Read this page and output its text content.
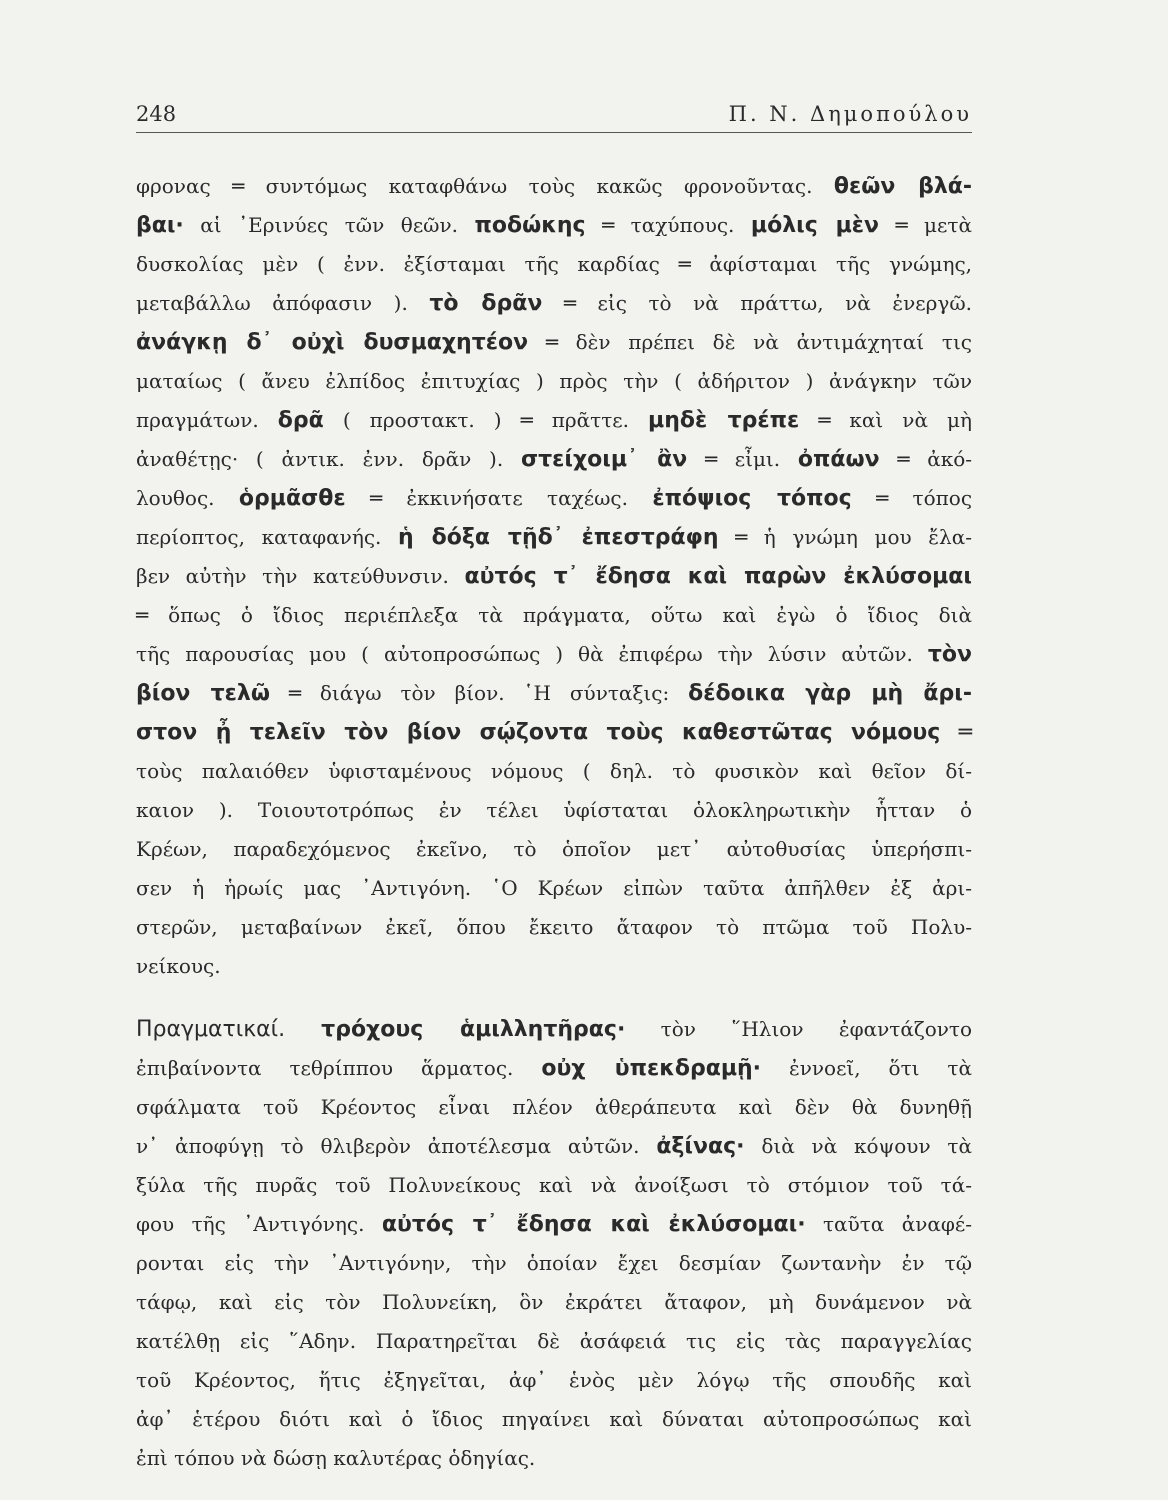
248	Π. Ν. Δημοπούλου
φρονας ═ συντόμως καταφθάνω τοὺς κακῶς φρονοῦντας. θεῶν βλά-
βαι· αἱ ᾿Ερινύες τῶν θεῶν. ποδώκης ═ ταχύπους. μόλις μὲν ═ μετὰ
δυσκολίας μὲν ( ἐνν. ἐξίσταμαι τῆς καρδίας ═ ἀφίσταμαι τῆς γνώμης,
μεταβάλλω ἀπόφασιν ). τὸ δρᾶν ═ εἰς τὸ νὰ πράττω, νὰ ἐνεργῶ.
ἀνάγκῃ δ᾿ οὐχὶ δυσμαχητέον ═ δὲν πρέπει δὲ νὰ ἀντιμάχηταί τις
ματαίως ( ἄνευ ἐλπίδος ἐπιτυχίας ) πρὸς τὴν ( ἀδήριτον ) ἀνάγκην τῶν
πραγμάτων. δρᾶ ( προστακτ. ) ═ πρᾶττε. μηδὲ τρέπε ═ καὶ νὰ μὴ
ἀναθέτῃς· ( ἀντικ. ἐνν. δρᾶν ). στείχοιμ᾿ ἂν ═ εἶμι. ὀπάων ═ ἀκό-
λουθος. ὁρμᾶσθε ═ ἐκκινήσατε ταχέως. ἐπόψιος τόπος ═ τόπος
περίοπτος, καταφανής. ἡ δόξα τῇδ᾿ ἐπεστράφη ═ ἡ γνώμη μου ἔλα-
βεν αὐτὴν τὴν κατεύθυνσιν. αὐτός τ᾿ ἔδησα καὶ παρὼν ἐκλύσομαι
═ ὅπως ὁ ἴδιος περιέπλεξα τὰ πράγματα, οὕτω καὶ ἐγὼ ὁ ἴδιος διὰ
τῆς παρουσίας μου ( αὐτοπροσώπως ) θὰ ἐπιφέρω τὴν λύσιν αὐτῶν. τὸν
βίον τελῶ ═ διάγω τὸν βίον. ῾Η σύνταξις: δέδοικα γὰρ μὴ ἄρι-
στον ᾖ τελεῖν τὸν βίον σῴζοντα τοὺς καθεστῶτας νόμους ═
τοὺς παλαιόθεν ὑφισταμένους νόμους ( δηλ. τὸ φυσικὸν καὶ θεῖον δί-
καιον ). Τοιουτοτρόπως ἐν τέλει ὑφίσταται ὁλοκληρωτικὴν ἧτταν ὁ
Κρέων, παραδεχόμενος ἐκεῖνο, τὸ ὁποῖον μετ᾿ αὐτοθυσίας ὑπερήσπι-
σεν ἡ ἡρωίς μας ᾿Αντιγόνη. ῾Ο Κρέων εἰπὼν ταῦτα ἀπῆλθεν ἐξ ἀρι-
στερῶν, μεταβαίνων ἐκεῖ, ὅπου ἔκειτο ἄταφον τὸ πτῶμα τοῦ Πολυ-
νείκους.
Πραγματικαί. τρόχους ἁμιλλητῆρας· τὸν ῞Ηλιον ἐφαντάζοντο
ἐπιβαίνοντα τεθρίππου ἅρματος. οὐχ ὑπεκδραμῇ· ἐννοεῖ, ὅτι τὰ
σφάλματα τοῦ Κρέοντος εἶναι πλέον ἀθεράπευτα καὶ δὲν θὰ δυνηθῇ
ν᾿ ἀποφύγῃ τὸ θλιβερὸν ἀποτέλεσμα αὐτῶν. ἀξίνας· διὰ νὰ κόψουν τὰ
ξύλα τῆς πυρᾶς τοῦ Πολυνείκους καὶ νὰ ἀνοίξωσι τὸ στόμιον τοῦ τά-
φου τῆς ᾿Αντιγόνης. αὐτός τ᾿ ἔδησα καὶ ἐκλύσομαι· ταῦτα ἀναφέ-
ρονται εἰς τὴν ᾿Αντιγόνην, τὴν ὁποίαν ἔχει δεσμίαν ζωντανὴν ἐν τῷ
τάφῳ, καὶ εἰς τὸν Πολυνείκη, ὃν ἐκράτει ἄταφον, μὴ δυνάμενον νὰ
κατέλθῃ εἰς ῞Αδην. Παρατηρεῖται δὲ ἀσάφειά τις εἰς τὰς παραγγελίας
τοῦ Κρέοντος, ἥτις ἐξηγεῖται, ἀφ᾿ ἑνὸς μὲν λόγῳ τῆς σπουδῆς καὶ
ἀφ᾿ ἑτέρου διότι καὶ ὁ ἴδιος πηγαίνει καὶ δύναται αὐτοπροσώπως καὶ
ἐπὶ τόπου νὰ δώσῃ καλυτέρας ὁδηγίας.
